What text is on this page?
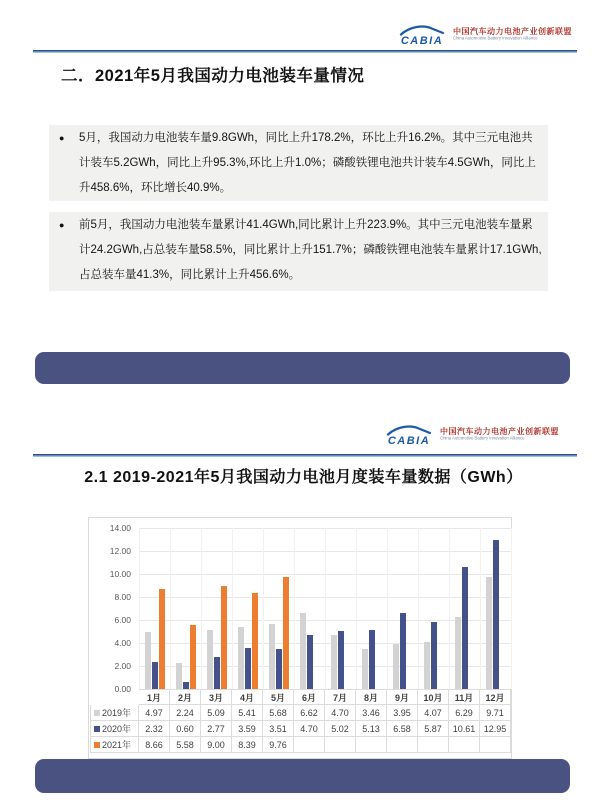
CABIA
中国汽车动力电池产业创新联盟
China Automotive Battery Innovation Alliance
二．2021年5月我国动力电池装车量情况
●	5月，我国动力电池装车量9.8GWh，同比上升178.2%，环比上升16.2%。其中三元电池共计装车5.2GWh，同比上升95.3%,环比上升1.0%；磷酸铁锂电池共计装车4.5GWh，同比上升458.6%，环比增长40.9%。
●	前5月，我国动力电池装车量累计41.4GWh,同比累计上升223.9%。其中三元电池装车量累计24.2GWh,占总装车量58.5%，同比累计上升151.7%；磷酸铁锂电池装车量累计17.1GWh,占总装车量41.3%，同比累计上升456.6%。
CABIA
中国汽车动力电池产业创新联盟
China Automotive Battery Innovation Alliance
2.1 2019-2021年5月我国动力电池月度装车量数据（GWh）
0.00
2.00
4.00
6.00
8.00
10.00
12.00
14.00
1月	2月	3月	4月	5月	6月	7月	8月	9月	10月	11月	12月
2019年	4.97	2.24	5.09	5.41	5.68	6.62	4.70	3.46	3.95	4.07	6.29	9.71
2020年	2.32	0.60	2.77	3.59	3.51	4.70	5.02	5.13	6.58	5.87	10.61 12.95
2021年	8.66	5.58	9.00	8.39	9.76
